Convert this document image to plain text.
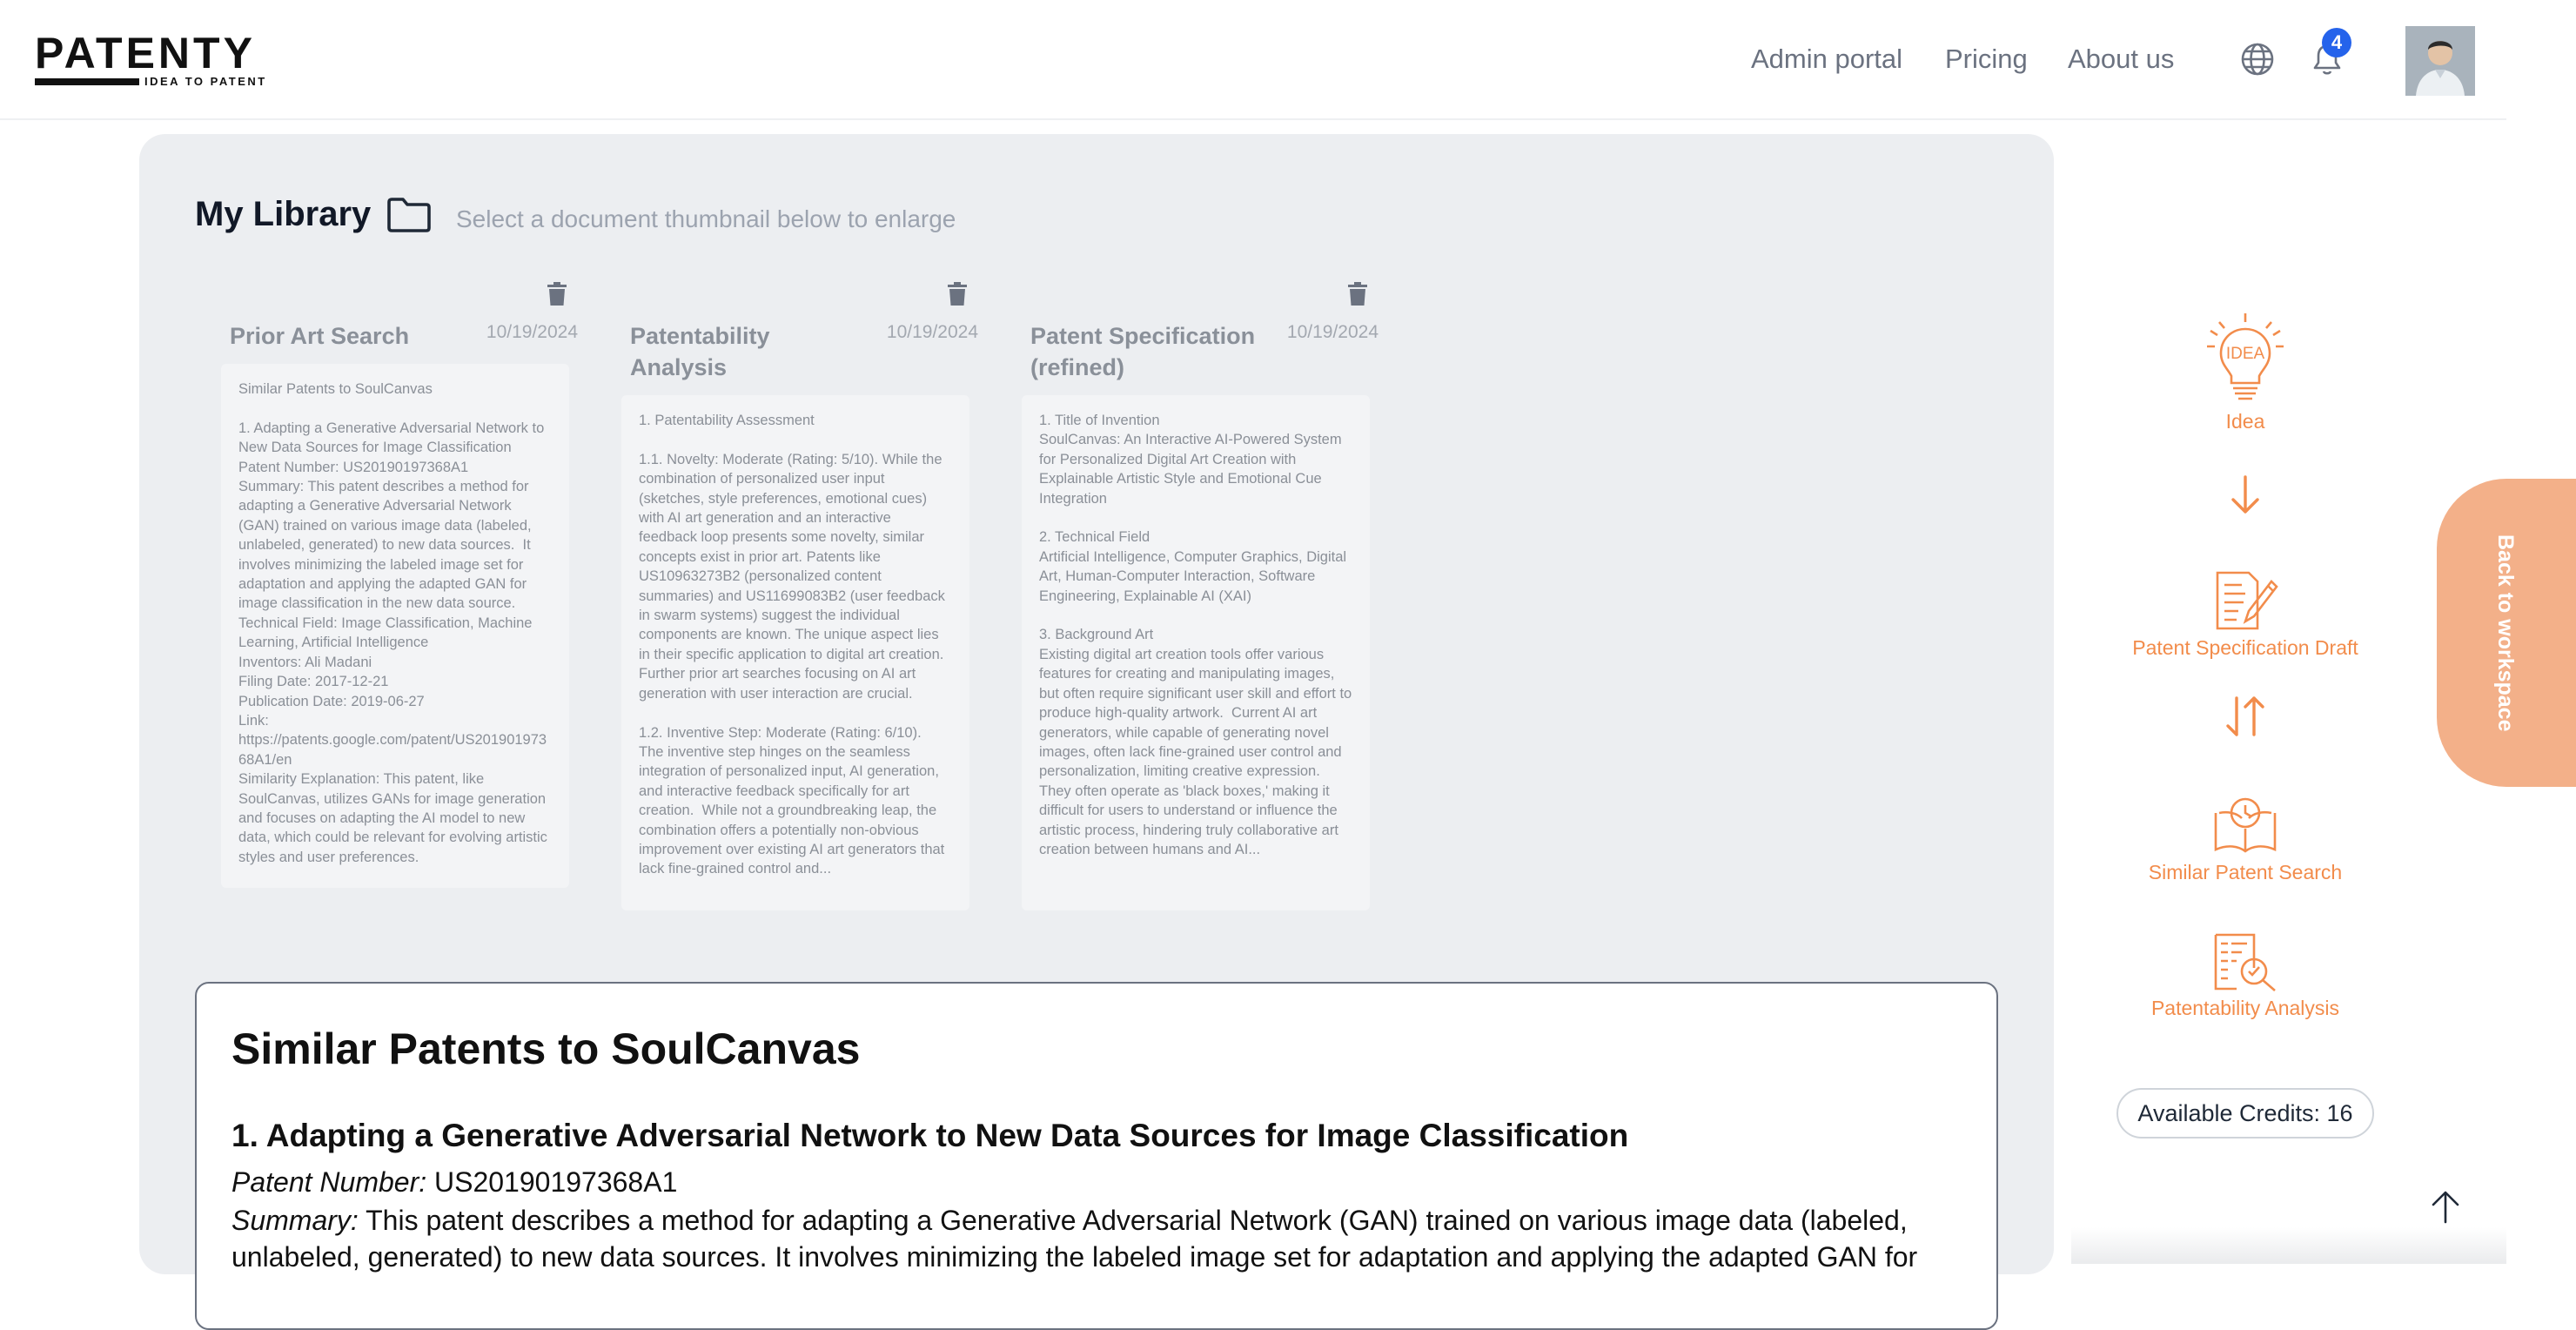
PATENTY
IDEA TO PATENT
Admin portal Pricing About us
4
My Library	Select a document thumbnail below to enlarge

Prior Art Search	10/19/2024
Similar Patents to SoulCanvas

1. Adapting a Generative Adversarial Network to New Data Sources for Image Classification
Patent Number: US20190197368A1
Summary: This patent describes a method for adapting a Generative Adversarial Network (GAN) trained on various image data (labeled, unlabeled, generated) to new data sources.  It involves minimizing the labeled image set for adaptation and applying the adapted GAN for image classification in the new data source.
Technical Field: Image Classification, Machine Learning, Artificial Intelligence
Inventors: Ali Madani
Filing Date: 2017-12-21
Publication Date: 2019-06-27
Link:
https://patents.google.com/patent/US20190197368A1/en
Similarity Explanation: This patent, like SoulCanvas, utilizes GANs for image generation and focuses on adapting the AI model to new data, which could be relevant for evolving artistic styles and user preferences.
Patentability Analysis
10/19/2024
1. Patentability Assessment

1.1. Novelty: Moderate (Rating: 5/10). While the combination of personalized user input (sketches, style preferences, emotional cues) with AI art generation and an interactive feedback loop presents some novelty, similar concepts exist in prior art. Patents like US10963273B2 (personalized content summaries) and US11699083B2 (user feedback in swarm systems) suggest the individual components are known. The unique aspect lies in their specific application to digital art creation.  Further prior art searches focusing on AI art generation with user interaction are crucial.

1.2. Inventive Step: Moderate (Rating: 6/10).  The inventive step hinges on the seamless integration of personalized input, AI generation, and interactive feedback specifically for art creation.  While not a groundbreaking leap, the combination offers a potentially non-obvious improvement over existing AI art generators that lack fine-grained control and...
Patent Specification (refined)
10/19/2024
1. Title of Invention
SoulCanvas: An Interactive AI-Powered System for Personalized Digital Art Creation with Explainable Artistic Style and Emotional Cue Integration

2. Technical Field
Artificial Intelligence, Computer Graphics, Digital Art, Human-Computer Interaction, Software Engineering, Explainable AI (XAI)

3. Background Art
Existing digital art creation tools offer various features for creating and manipulating images, but often require significant user skill and effort to produce high-quality artwork.  Current AI art generators, while capable of generating novel images, often lack fine-grained user control and personalization, limiting creative expression.  They often operate as 'black boxes,' making it difficult for users to understand or influence the artistic process, hindering truly collaborative art creation between humans and AI...
Similar Patents to SoulCanvas
1. Adapting a Generative Adversarial Network to New Data Sources for Image Classification

Patent Number: US20190197368A1

Summary: This patent describes a method for adapting a Generative Adversarial Network (GAN) trained on various image data (labeled,

unlabeled, generated) to new data sources. It involves minimizing the labeled image set for adaptation and applying the adapted GAN for

IDEA
Idea
Patent Specification Draft
Similar Patent Search
Patentability Analysis
Available Credits: 16
Back to workspace
